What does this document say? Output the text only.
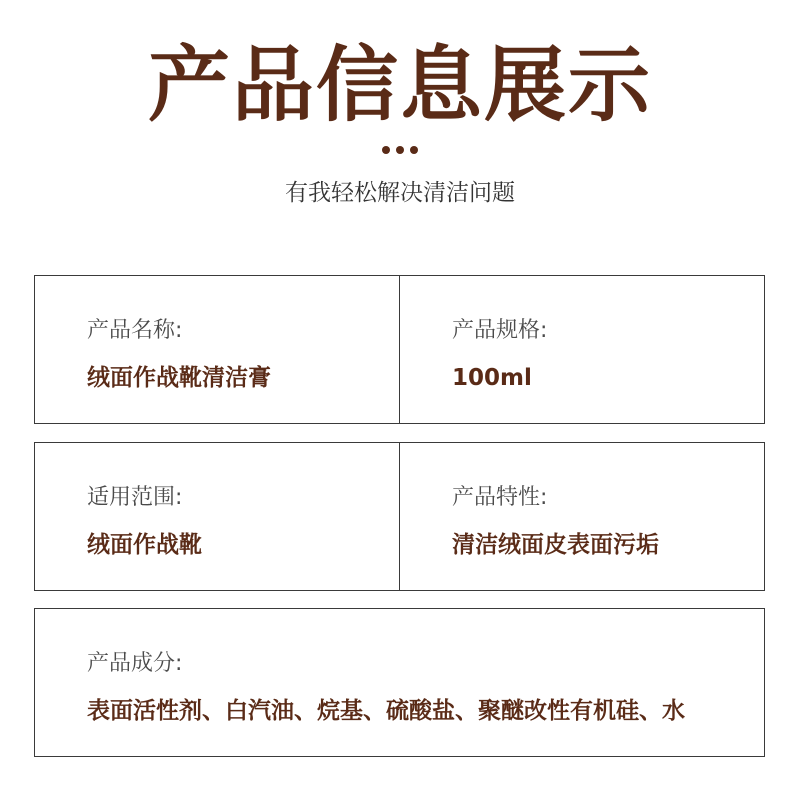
产品信息展示
有我轻松解决清洁问题
产品名称:
绒面作战靴清洁膏
产品规格:
100ml
适用范围:
绒面作战靴
产品特性:
清洁绒面皮表面污垢
产品成分:
表面活性剂、白汽油、烷基、硫酸盐、聚醚改性有机硅、水
